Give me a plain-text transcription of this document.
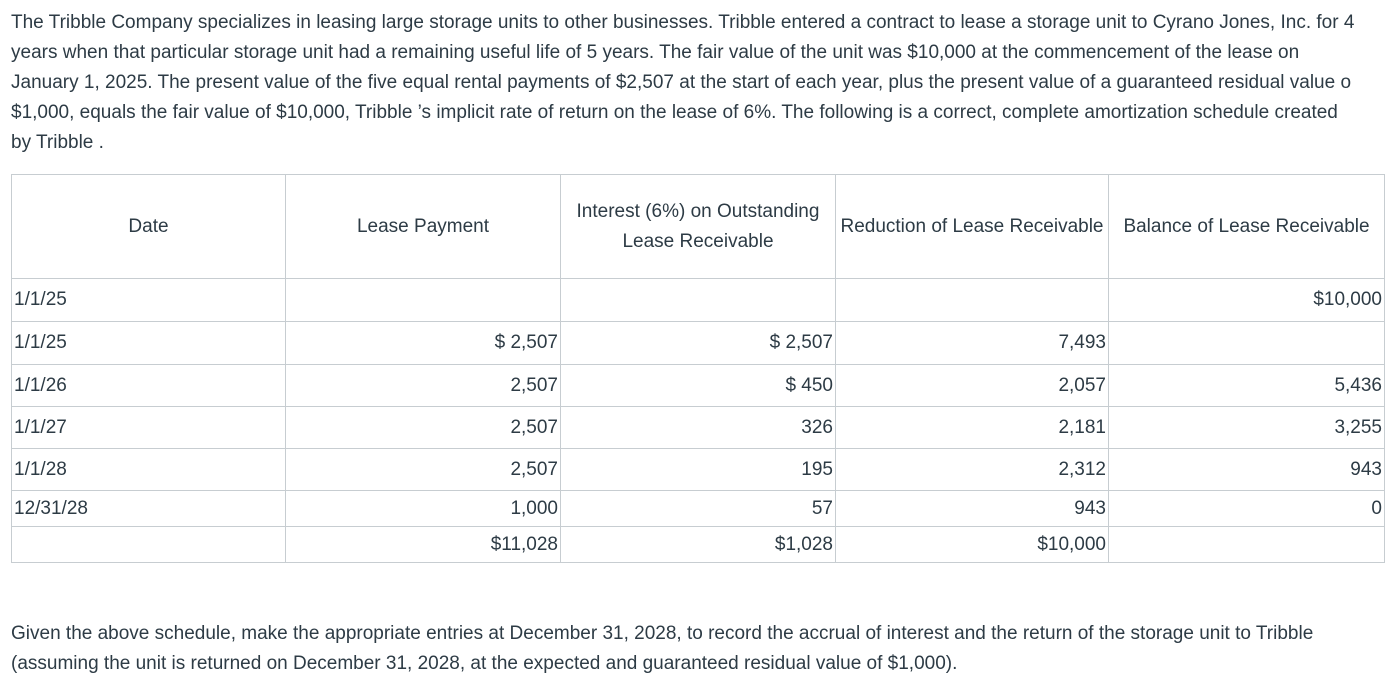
The Tribble Company specializes in leasing large storage units to other businesses. Tribble entered a contract to lease a storage unit to Cyrano Jones, Inc. for 4
years when that particular storage unit had a remaining useful life of 5 years. The fair value of the unit was $10,000 at the commencement of the lease on
January 1, 2025. The present value of the five equal rental payments of $2,507 at the start of each year, plus the present value of a guaranteed residual value o
$1,000, equals the fair value of $10,000, Tribble ’s implicit rate of return on the lease of 6%. The following is a correct, complete amortization schedule created
by Tribble .
Date	Lease Payment	Interest (6%) on Outstanding
Lease Receivable	Reduction of Lease Receivable	Balance of Lease Receivable
1/1/25				$10,000
1/1/25	$ 2,507	$ 2,507	7,493	
1/1/26	2,507	$ 450	2,057	5,436
1/1/27	2,507	326	2,181	3,255
1/1/28	2,507	195	2,312	943
12/31/28	1,000	57	943	0
	$11,028	$1,028	$10,000	
Given the above schedule, make the appropriate entries at December 31, 2028, to record the accrual of interest and the return of the storage unit to Tribble
(assuming the unit is returned on December 31, 2028, at the expected and guaranteed residual value of $1,000).
